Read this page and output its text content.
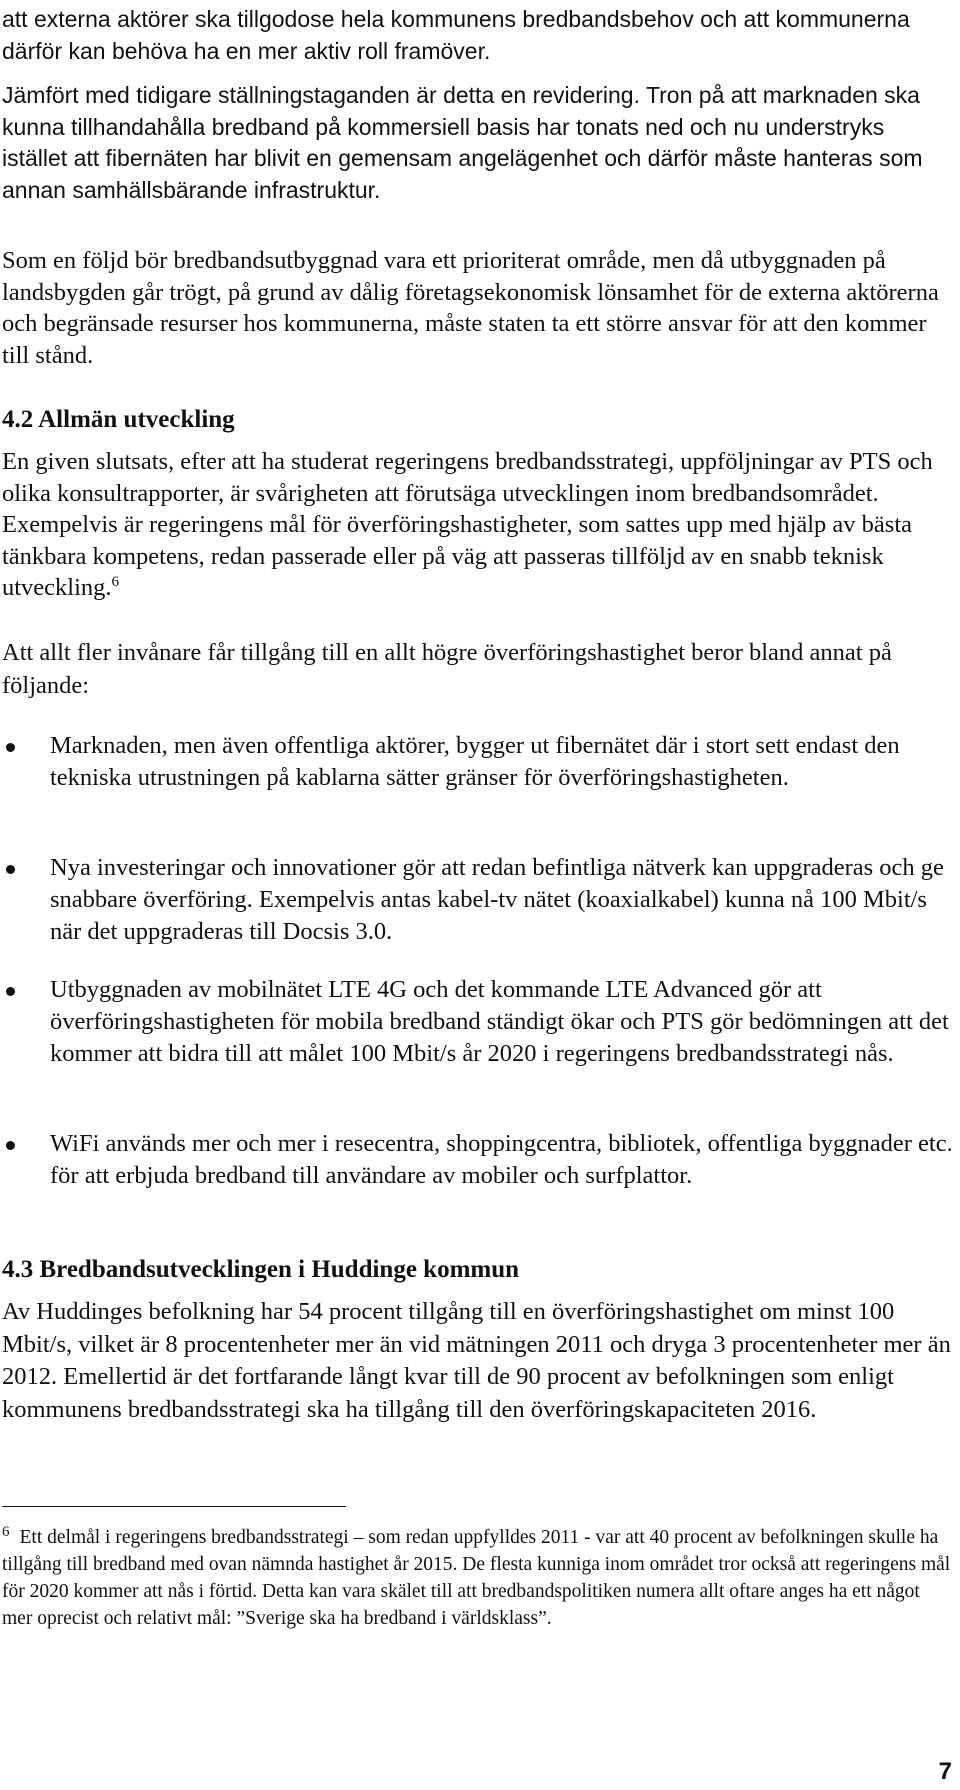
att externa aktörer ska tillgodose hela kommunens bredbandsbehov och att kommunerna därför kan behöva ha en mer aktiv roll framöver.

Jämfört med tidigare ställningstaganden är detta en revidering. Tron på att marknaden ska kunna tillhandahålla bredband på kommersiell basis har tonats ned och nu understryks istället att fibernäten har blivit en gemensam angelägenhet och därför måste hanteras som annan samhällsbärande infrastruktur.

Som en följd bör bredbandsutbyggnad vara ett prioriterat område, men då utbyggnaden på landsbygden går trögt, på grund av dålig företagsekonomisk lönsamhet för de externa aktörerna och begränsade resurser hos kommunerna, måste staten ta ett större ansvar för att den kommer till stånd.

4.2 Allmän utveckling

En given slutsats, efter att ha studerat regeringens bredbandsstrategi, uppföljningar av PTS och olika konsultrapporter, är svårigheten att förutsäga utvecklingen inom bredbandsområdet. Exempelvis är regeringens mål för överföringshastigheter, som sattes upp med hjälp av bästa tänkbara kompetens, redan passerade eller på väg att passeras tillföljd av en snabb teknisk utveckling.$^6$

Att allt fler invånare får tillgång till en allt högre överföringshastighet beror bland annat på följande:

Marknaden, men även offentliga aktörer, bygger ut fibernätet där i stort sett endast den tekniska utrustningen på kablarna sätter gränser för överföringshastigheten.

Nya investeringar och innovationer gör att redan befintliga nätverk kan uppgraderas och ge snabbare överföring. Exempelvis antas kabel-tv nätet (koaxialkabel) kunna nå 100 Mbit/s när det uppgraderas till Docsis 3.0.

Utbyggnaden av mobilnätet LTE 4G och det kommande LTE Advanced gör att överföringshastigheten för mobila bredband ständigt ökar och PTS gör bedömningen att det kommer att bidra till att målet 100 Mbit/s år 2020 i regeringens bredbandsstrategi nås.

WiFi används mer och mer i resecentra, shoppingcentra, bibliotek, offentliga byggnader etc. för att erbjuda bredband till användare av mobiler och surfplattor.

4.3 Bredbandsutvecklingen i Huddinge kommun

Av Huddinges befolkning har 54 procent tillgång till en överföringshastighet om minst 100 Mbit/s, vilket är 8 procentenheter mer än vid mätningen 2011 och dryga 3 procentenheter mer än 2012. Emellertid är det fortfarande långt kvar till de 90 procent av befolkningen som enligt kommunens bredbandsstrategi ska ha tillgång till den överföringskapaciteten 2016.

$^6$ Ett delmål i regeringens bredbandsstrategi – som redan uppfylldes 2011 - var att 40 procent av befolkningen skulle ha tillgång till bredband med ovan nämnda hastighet år 2015. De flesta kunniga inom området tror också att regeringens mål för 2020 kommer att nås i förtid. Detta kan vara skälet till att bredbandspolitiken numera allt oftare anges ha ett något mer oprecist och relativt mål: ”Sverige ska ha bredband i världsklass”.

7
